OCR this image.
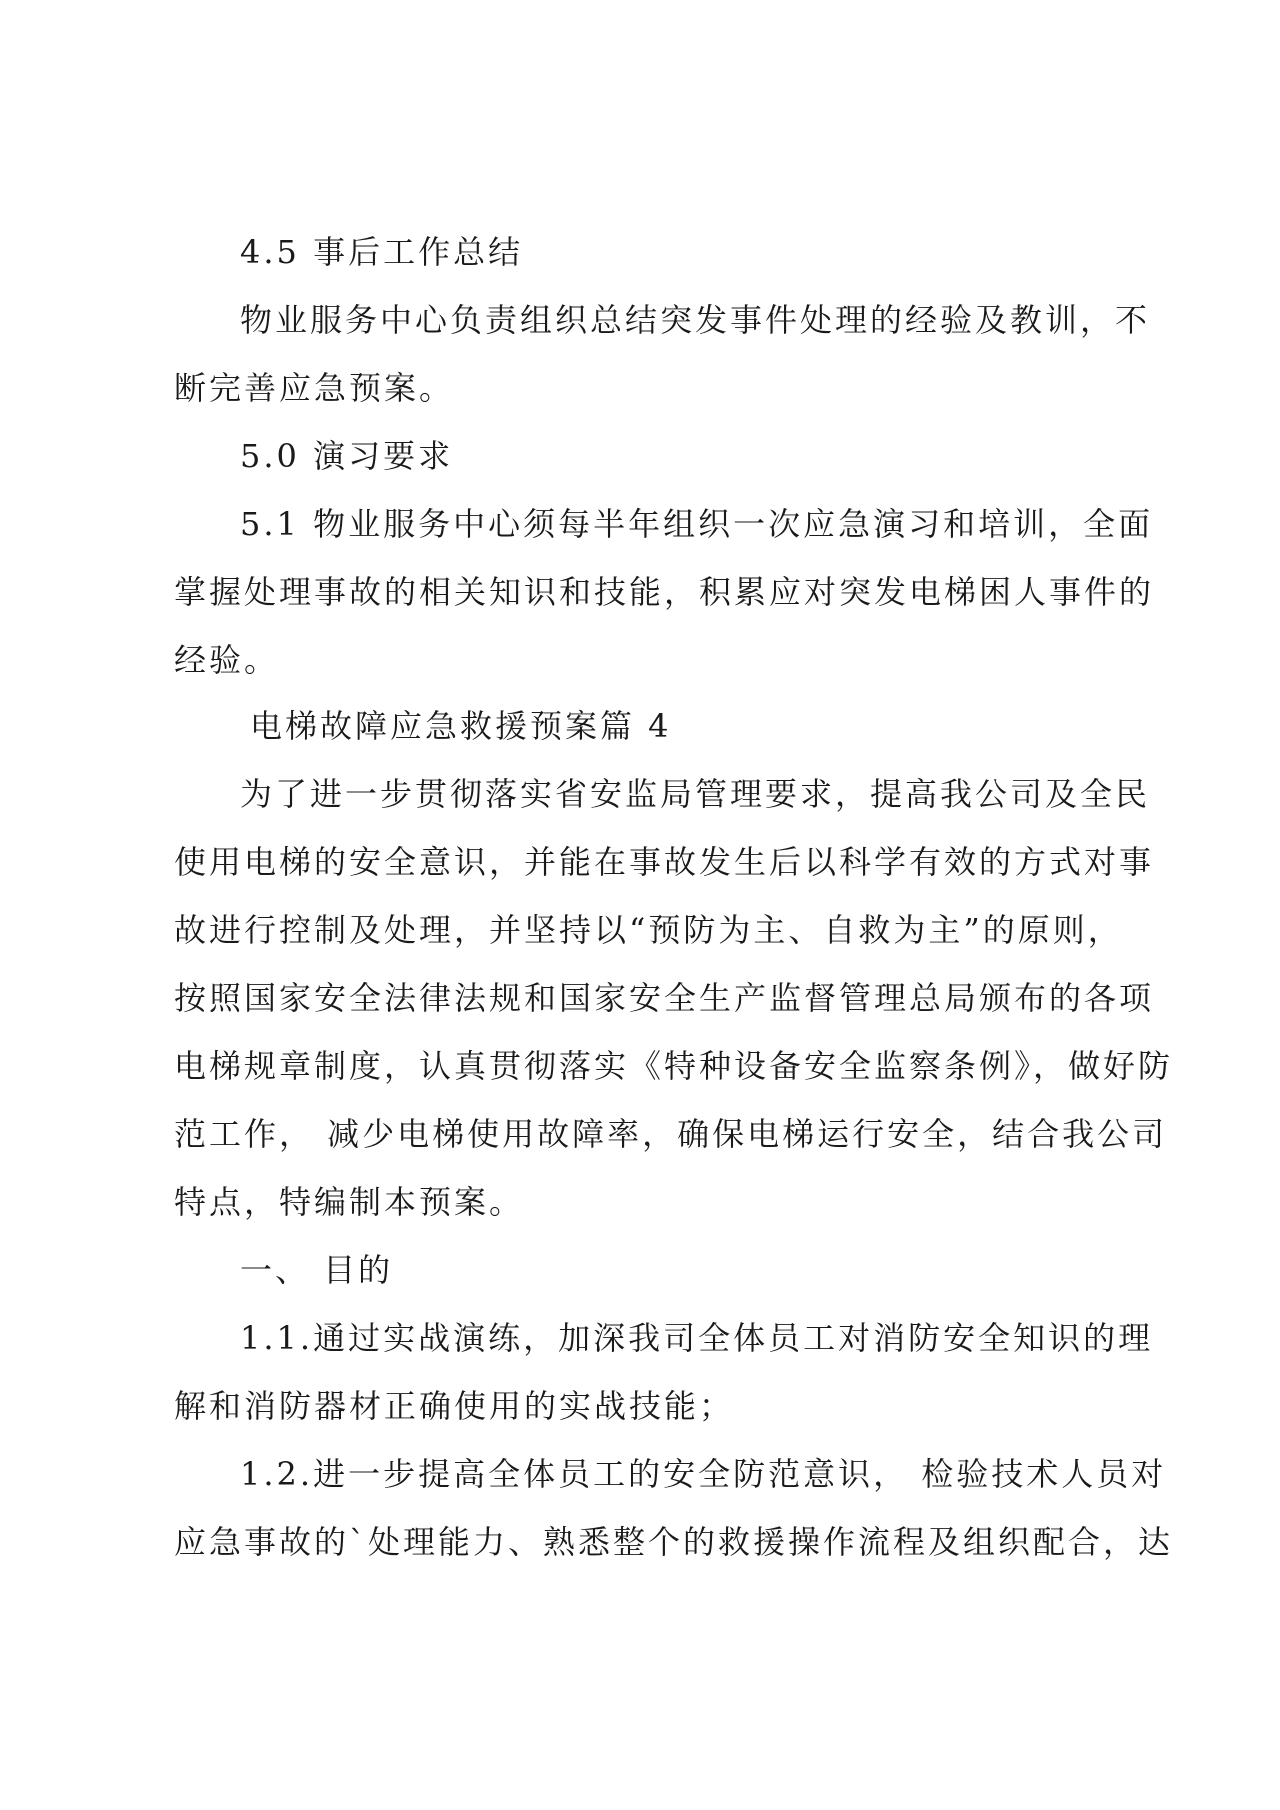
4.5 事后工作总结
物业服务中心负责组织总结突发事件处理的经验及教训，不
断完善应急预案。
5.0 演习要求
5.1 物业服务中心须每半年组织一次应急演习和培训，全面
掌握处理事故的相关知识和技能，积累应对突发电梯困人事件的
经验。
电梯故障应急救援预案篇 4
为了进一步贯彻落实省安监局管理要求，提高我公司及全民
使用电梯的安全意识，并能在事故发生后以科学有效的方式对事
故进行控制及处理，并坚持以“预防为主、自救为主”的原则，
按照国家安全法律法规和国家安全生产监督管理总局颁布的各项
电梯规章制度，认真贯彻落实《特种设备安全监察条例》，做好防
范工作， 减少电梯使用故障率，确保电梯运行安全，结合我公司
特点，特编制本预案。
一、 目的
1.1.通过实战演练，加深我司全体员工对消防安全知识的理
解和消防器材正确使用的实战技能；
1.2.进一步提高全体员工的安全防范意识， 检验技术人员对
应急事故的`处理能力、熟悉整个的救援操作流程及组织配合，达
